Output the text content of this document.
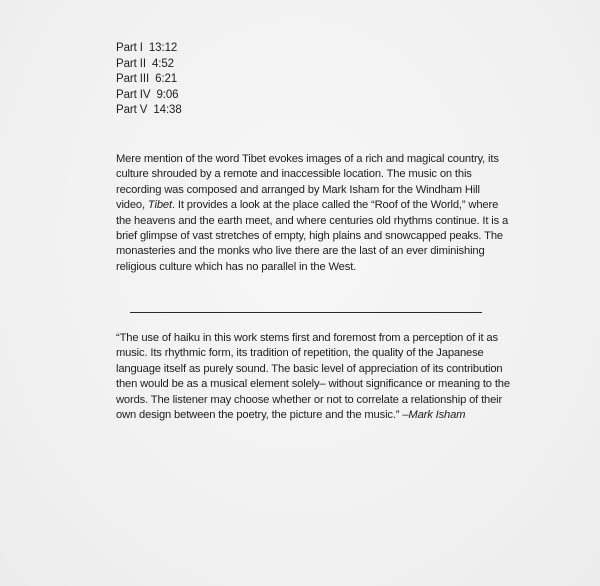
Part I 13:12
Part II 4:52
Part III 6:21
Part IV 9:06
Part V 14:38

Mere mention of the word Tibet evokes images of a rich and magical country, its culture shrouded by a remote and inaccessible location. The music on this recording was composed and arranged by Mark Isham for the Windham Hill video, Tibet. It provides a look at the place called the “Roof of the World,” where the heavens and the earth meet, and where centuries old rhythms continue. It is a brief glimpse of vast stretches of empty, high plains and snowcapped peaks. The monasteries and the monks who live there are the last of an ever diminishing religious culture which has no parallel in the West.

“The use of haiku in this work stems first and foremost from a perception of it as music. Its rhythmic form, its tradition of repetition, the quality of the Japanese language itself as purely sound. The basic level of appreciation of its contribution then would be as a musical element solely– without significance or meaning to the words. The listener may choose whether or not to correlate a relationship of their own design between the poetry, the picture and the music.” –Mark Isham
